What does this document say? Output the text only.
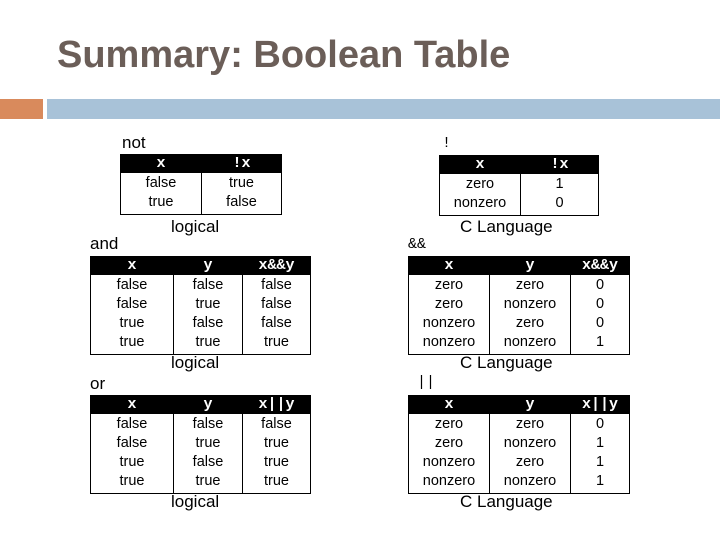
Summary: Boolean Table
not
x	!x
false	true
true	false
logical
!
x	!x
zero	1
nonzero	0
C Language
and
x	y	x&&y
false	false	false
false	true	false
true	false	false
true	true	true
logical
&&
x	y	x&&y
zero	zero	0
zero	nonzero	0
nonzero	zero	0
nonzero	nonzero	1
C Language
or
x	y	x||y
false	false	false
false	true	true
true	false	true
true	true	true
logical
||
x	y	x||y
zero	zero	0
zero	nonzero	1
nonzero	zero	1
nonzero	nonzero	1
C Language
